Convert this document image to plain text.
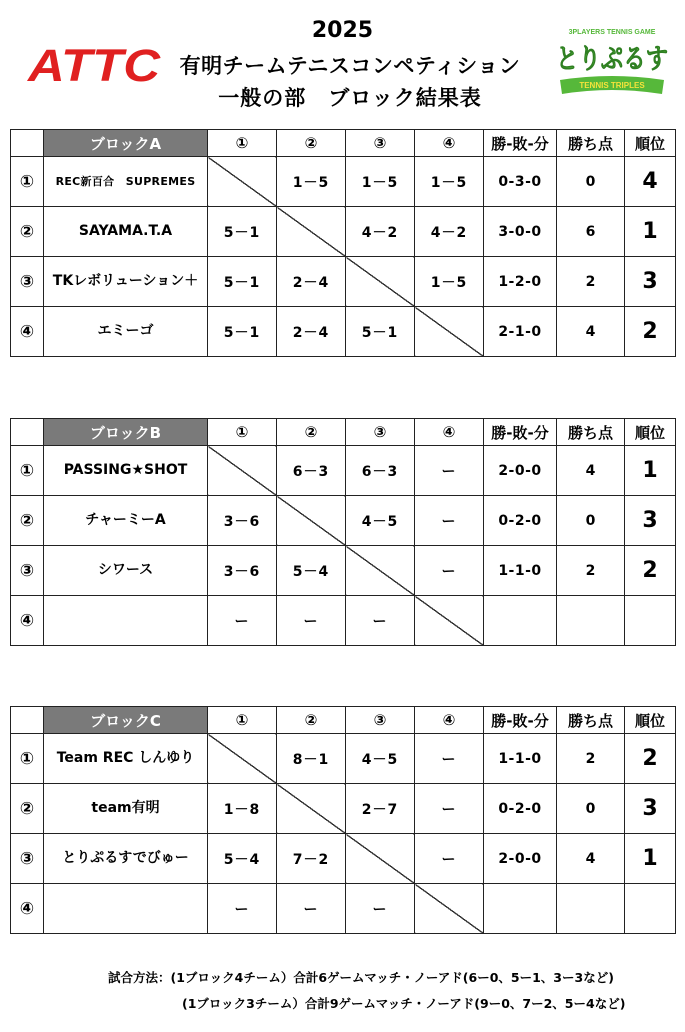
ATTC
2025
有明チームテニスコンペティション
一般の部　ブロック結果表
3PLAYERS TENNIS GAME
とりぷるす
TENNIS TRIPLES
	ブロックA	①	②	③	④	勝-敗-分	勝ち点	順位
①	REC新百合　SUPREMES		1－5	1－5	1－5	0-3-0	0	4
②	SAYAMA.T.A	5－1		4－2	4－2	3-0-0	6	1
③	TKレボリューション＋	5－1	2－4		1－5	1-2-0	2	3
④	エミーゴ	5－1	2－4	5－1		2-1-0	4	2
	ブロックB	①	②	③	④	勝-敗-分	勝ち点	順位
①	PASSING★SHOT		6－3	6－3	ー	2-0-0	4	1
②	チャーミーA	3－6		4－5	ー	0-2-0	0	3
③	シワース	3－6	5－4		ー	1-1-0	2	2
④		ー	ー	ー				
	ブロックC	①	②	③	④	勝-敗-分	勝ち点	順位
①	Team REC しんゆり		8－1	4－5	ー	1-1-0	2	2
②	team有明	1－8		2－7	ー	0-2-0	0	3
③	とりぷるすでびゅー	5－4	7－2		ー	2-0-0	4	1
④		ー	ー	ー				
試合方法：(1ブロック4チーム）合計6ゲームマッチ・ノーアド(6ー0、5ー1、3ー3など)
(1ブロック3チーム）合計9ゲームマッチ・ノーアド(9ー0、7ー2、5ー4など)
